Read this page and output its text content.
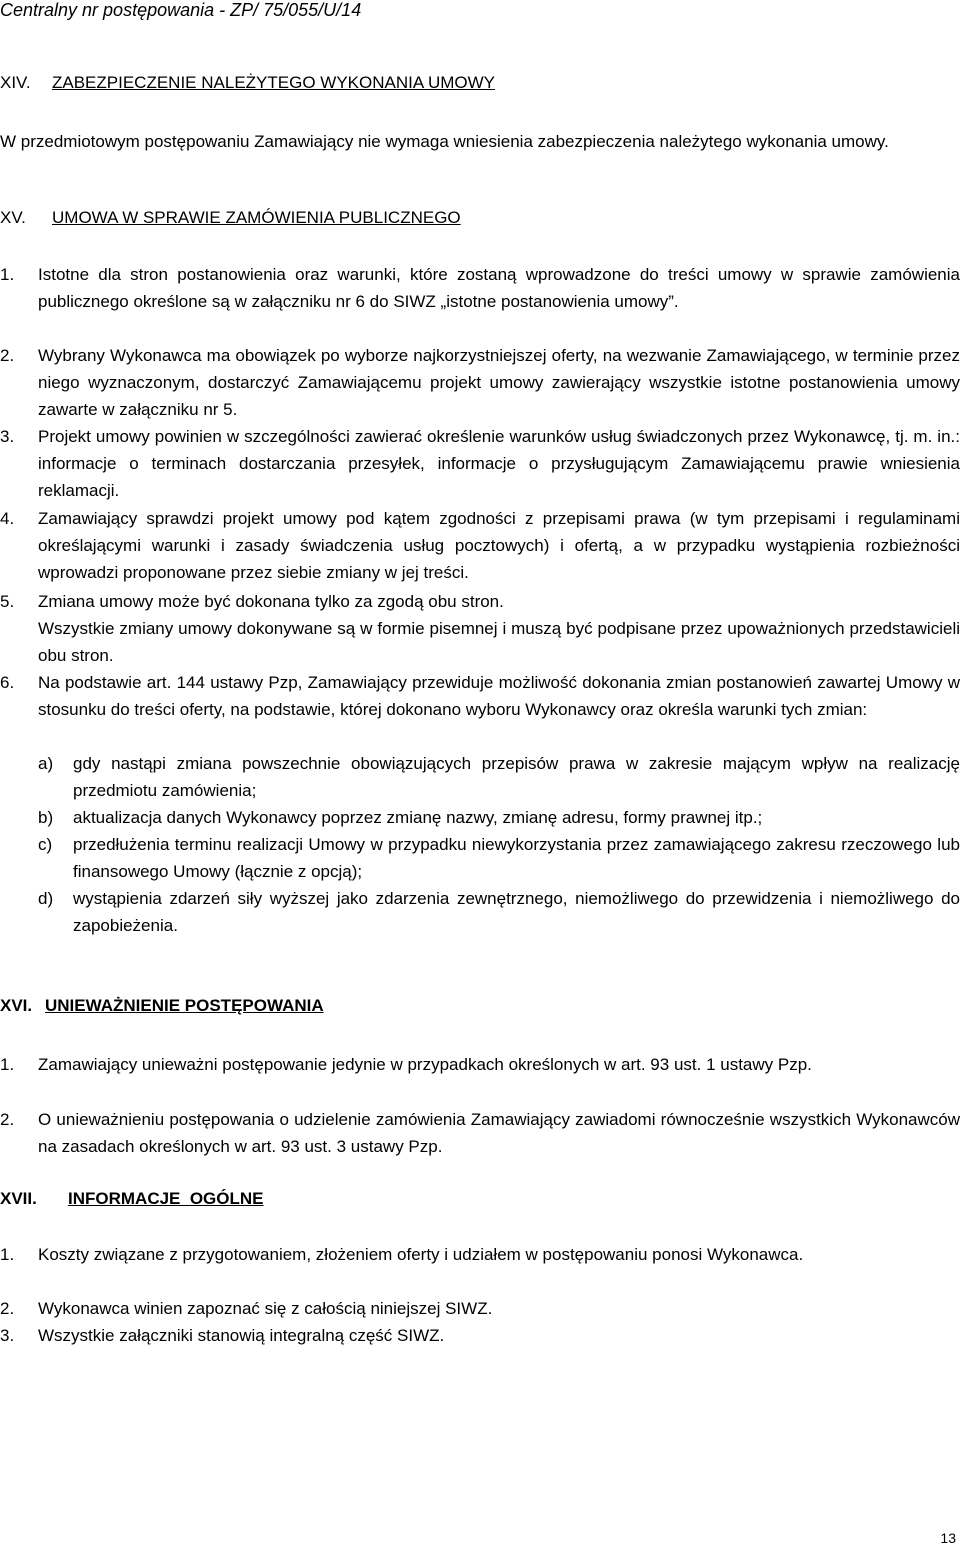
Centralny nr postępowania - ZP/ 75/055/U/14
XIV. ZABEZPIECZENIE NALEŻYTEGO WYKONANIA UMOWY
W przedmiotowym postępowaniu Zamawiający nie wymaga wniesienia zabezpieczenia należytego wykonania umowy.
XV. UMOWA W SPRAWIE ZAMÓWIENIA PUBLICZNEGO
1. Istotne dla stron postanowienia oraz warunki, które zostaną wprowadzone do treści umowy w sprawie zamówienia publicznego określone są w załączniku nr 6 do SIWZ „istotne postanowienia umowy”.
2. Wybrany Wykonawca ma obowiązek po wyborze najkorzystniejszej oferty, na wezwanie Zamawiającego, w terminie przez niego wyznaczonym, dostarczyć Zamawiającemu projekt umowy zawierający wszystkie istotne postanowienia umowy zawarte w załączniku nr 5.
3. Projekt umowy powinien w szczególności zawierać określenie warunków usług świadczonych przez Wykonawcę, tj. m. in.: informacje o terminach dostarczania przesyłek, informacje o przysługującym Zamawiającemu prawie wniesienia reklamacji.
4. Zamawiający sprawdzi projekt umowy pod kątem zgodności z przepisami prawa (w tym przepisami i regulaminami określającymi warunki i zasady świadczenia usług pocztowych) i ofertą, a w przypadku wystąpienia rozbieżności wprowadzi proponowane przez siebie zmiany w jej treści.
5. Zmiana umowy może być dokonana tylko za zgodą obu stron.
Wszystkie zmiany umowy dokonywane są w formie pisemnej i muszą być podpisane przez upoważnionych przedstawicieli obu stron.
6. Na podstawie art. 144 ustawy Pzp, Zamawiający przewiduje możliwość dokonania zmian postanowień zawartej Umowy w stosunku do treści oferty, na podstawie, której dokonano wyboru Wykonawcy oraz określa warunki tych zmian:
a) gdy nastąpi zmiana powszechnie obowiązujących przepisów prawa w zakresie mającym wpływ na realizację przedmiotu zamówienia;
b) aktualizacja danych Wykonawcy poprzez zmianę nazwy, zmianę adresu, formy prawnej itp.;
c) przedłużenia terminu realizacji Umowy w przypadku niewykorzystania przez zamawiającego zakresu rzeczowego lub finansowego Umowy (łącznie z opcją);
d) wystąpienia zdarzeń siły wyższej jako zdarzenia zewnętrznego, niemożliwego do przewidzenia i niemożliwego do zapobieżenia.
XVI. UNIEWAŻNIENIE POSTĘPOWANIA
1. Zamawiający unieważni postępowanie jedynie w przypadkach określonych w art. 93 ust. 1 ustawy Pzp.
2. O unieważnieniu postępowania o udzielenie zamówienia Zamawiający zawiadomi równocześnie wszystkich Wykonawców na zasadach określonych w art. 93 ust. 3 ustawy Pzp.
XVII. INFORMACJE  OGÓLNE
1. Koszty związane z przygotowaniem, złożeniem oferty i udziałem w postępowaniu ponosi Wykonawca.
2. Wykonawca winien zapoznać się z całością niniejszej SIWZ.
3. Wszystkie załączniki stanowią integralną część SIWZ.
13
